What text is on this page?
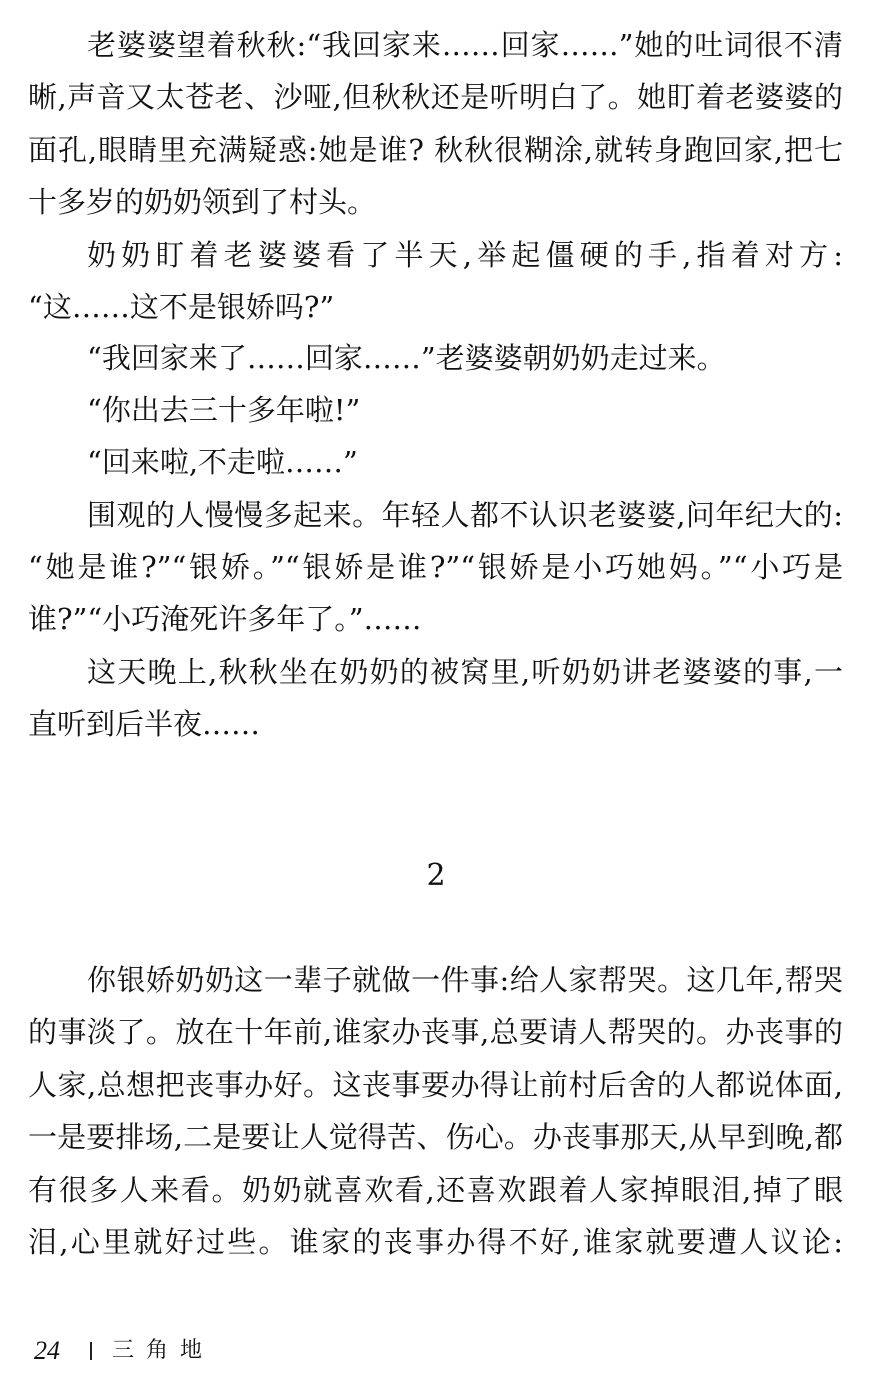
老婆婆望着秋秋:“我回家来……回家……”她的吐词很不清
晰,声音又太苍老、沙哑,但秋秋还是听明白了。她盯着老婆婆的
面孔,眼睛里充满疑惑:她是谁? 秋秋很糊涂,就转身跑回家,把七
十多岁的奶奶领到了村头。
奶奶盯着老婆婆看了半天,举起僵硬的手,指着对方:
“这……这不是银娇吗?”
“我回家来了……回家……”老婆婆朝奶奶走过来。
“你出去三十多年啦!”
“回来啦,不走啦……”
围观的人慢慢多起来。年轻人都不认识老婆婆,问年纪大的:
“她是谁?”“银娇。”“银娇是谁?”“银娇是小巧她妈。”“小巧是
谁?”“小巧淹死许多年了。”……
这天晚上,秋秋坐在奶奶的被窝里,听奶奶讲老婆婆的事,一
直听到后半夜……
2
你银娇奶奶这一辈子就做一件事:给人家帮哭。这几年,帮哭
的事淡了。放在十年前,谁家办丧事,总要请人帮哭的。办丧事的
人家,总想把丧事办好。这丧事要办得让前村后舍的人都说体面,
一是要排场,二是要让人觉得苦、伤心。办丧事那天,从早到晚,都
有很多人来看。奶奶就喜欢看,还喜欢跟着人家掉眼泪,掉了眼
泪,心里就好过些。谁家的丧事办得不好,谁家就要遭人议论:
24 三角地
